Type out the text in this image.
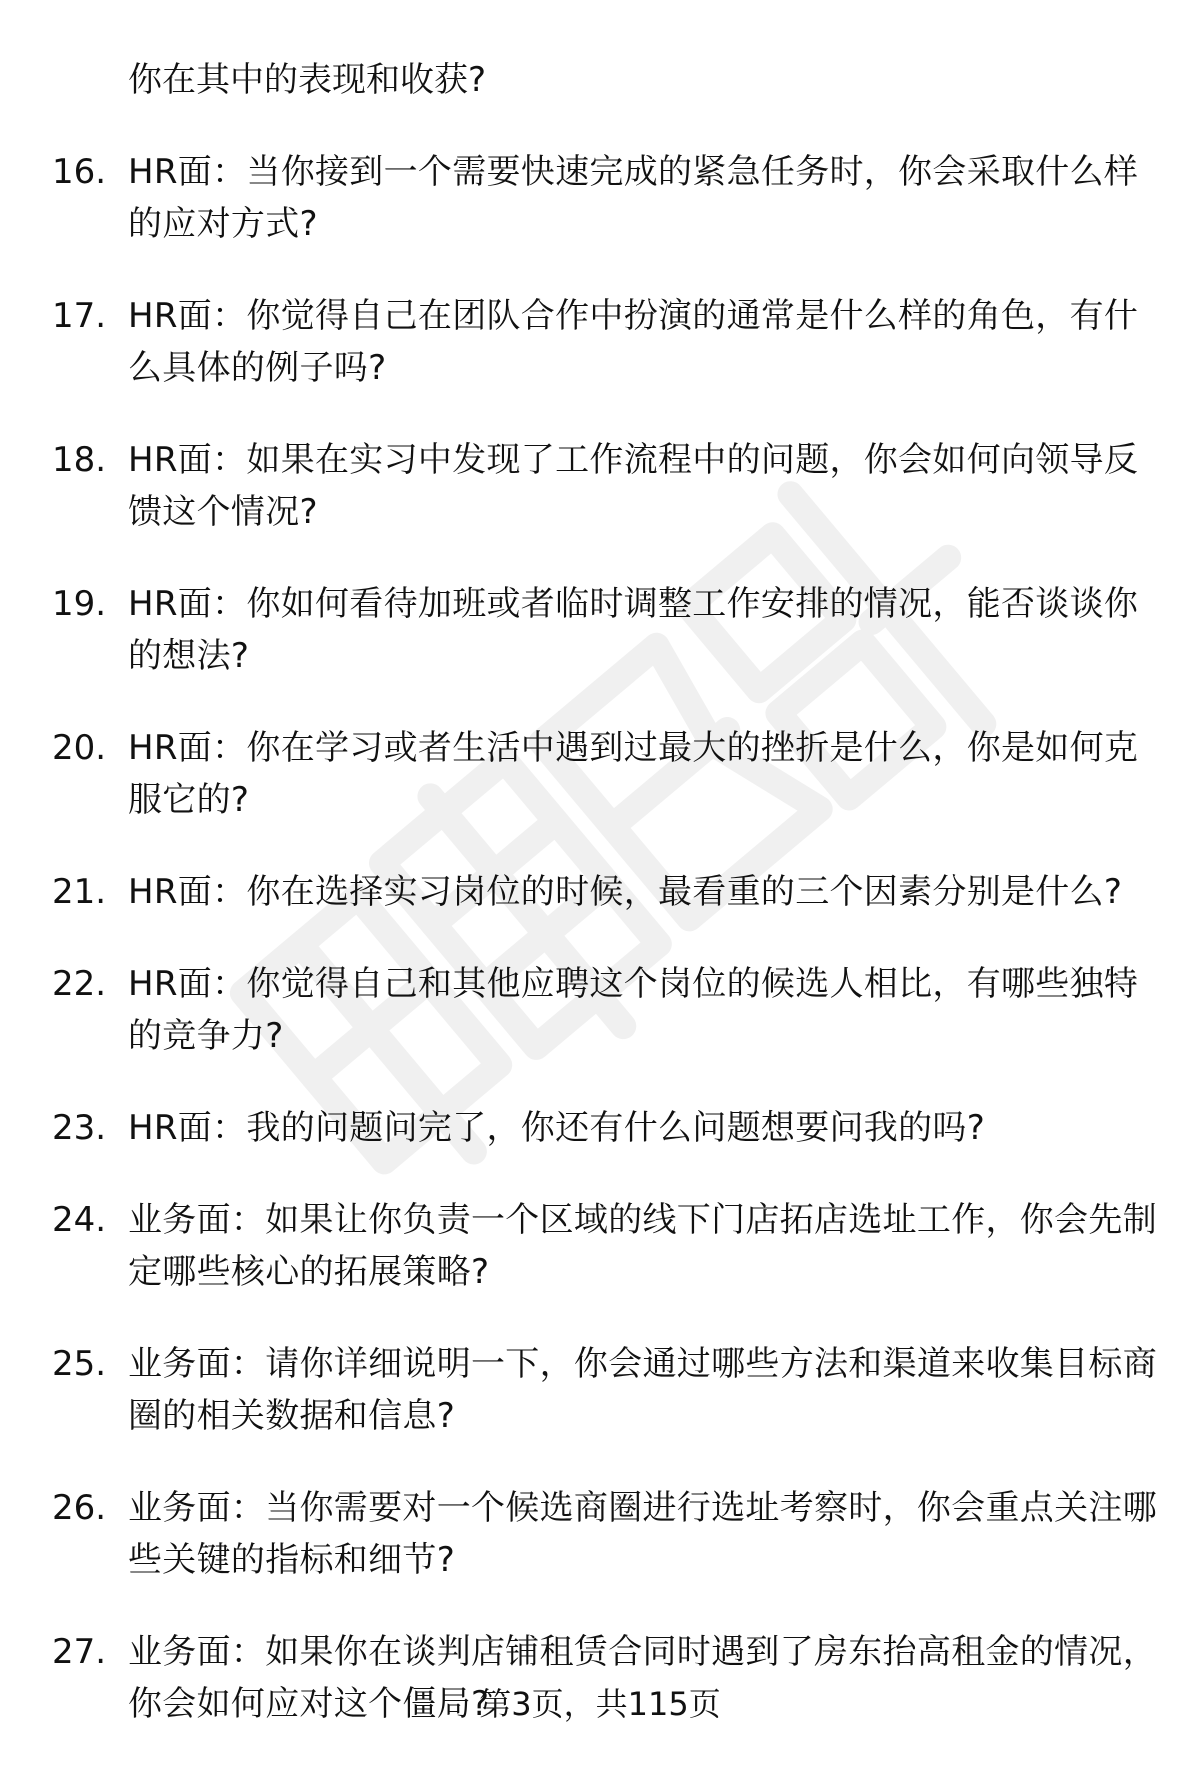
你在其中的表现和收获?
16. HR面：当你接到一个需要快速完成的紧急任务时，你会采取什么样的应对方式?
17. HR面：你觉得自己在团队合作中扮演的通常是什么样的角色，有什么具体的例子吗?
18. HR面：如果在实习中发现了工作流程中的问题，你会如何向领导反馈这个情况?
19. HR面：你如何看待加班或者临时调整工作安排的情况，能否谈谈你的想法?
20. HR面：你在学习或者生活中遇到过最大的挫折是什么，你是如何克服它的?
21. HR面：你在选择实习岗位的时候，最看重的三个因素分别是什么?
22. HR面：你觉得自己和其他应聘这个岗位的候选人相比，有哪些独特的竞争力?
23. HR面：我的问题问完了，你还有什么问题想要问我的吗?
24. 业务面：如果让你负责一个区域的线下门店拓店选址工作，你会先制定哪些核心的拓展策略?
25. 业务面：请你详细说明一下，你会通过哪些方法和渠道来收集目标商圈的相关数据和信息?
26. 业务面：当你需要对一个候选商圈进行选址考察时，你会重点关注哪些关键的指标和细节?
27. 业务面：如果你在谈判店铺租赁合同时遇到了房东抬高租金的情况，你会如何应对这个僵局?
第3页，共115页
